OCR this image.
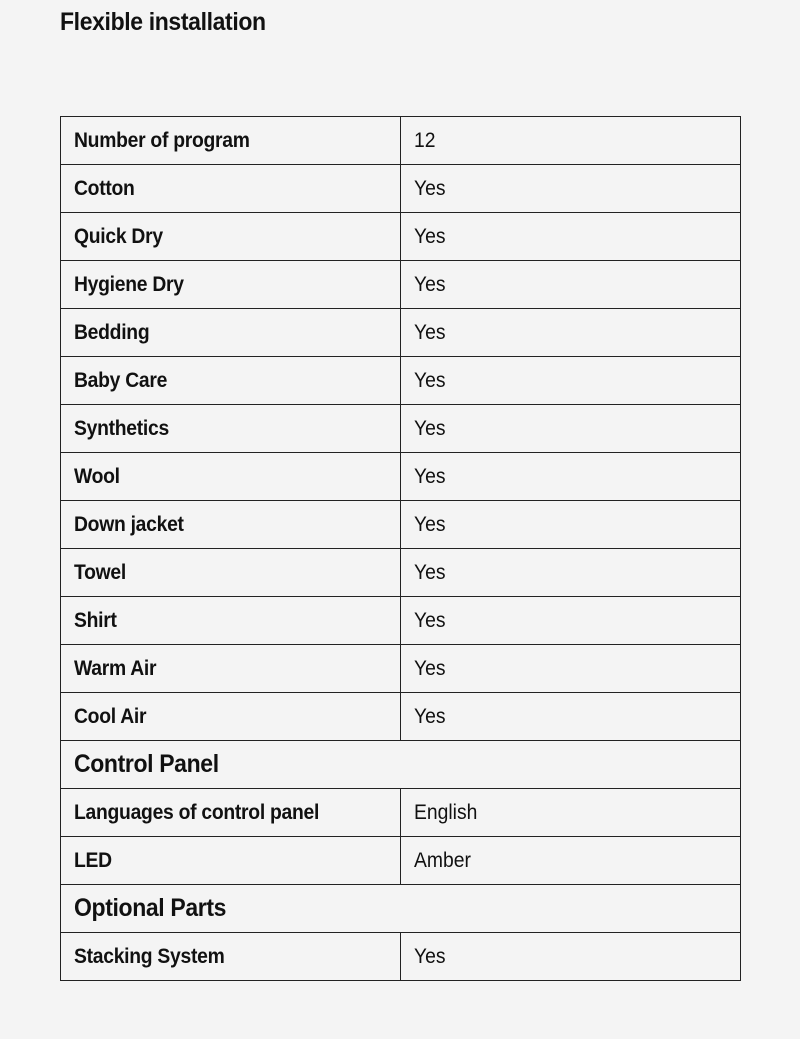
Flexible installation
Number of program	12
Cotton	Yes
Quick Dry	Yes
Hygiene Dry	Yes
Bedding	Yes
Baby Care	Yes
Synthetics	Yes
Wool	Yes
Down jacket	Yes
Towel	Yes
Shirt	Yes
Warm Air	Yes
Cool Air	Yes
Control Panel	
Languages of control panel	English
LED	Amber
Optional Parts	
Stacking System	Yes
